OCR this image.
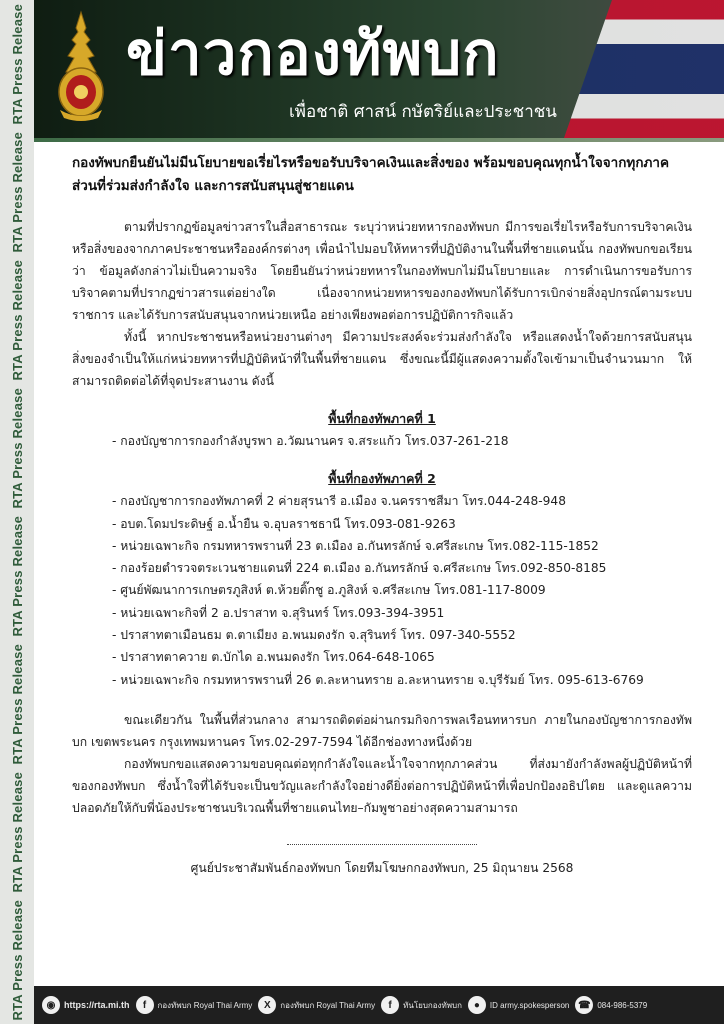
RTA Press Release
RTA Press Release
RTA Press Release
RTA Press Release
RTA Press Release
RTA Press Release
RTA Press Release
RTA Press Release
ข่าวกองทัพบก
เพื่อชาติ ศาสน์ กษัตริย์และประชาชน
กองทัพบกยืนยันไม่มีนโยบายขอเรี่ยไรหรือขอรับบริจาคเงินและสิ่งของ พร้อมขอบคุณทุกน้ำใจจากทุกภาคส่วนที่ร่วมส่งกำลังใจ และการสนับสนุนสู่ชายแดน

ตามที่ปรากฏข้อมูลข่าวสารในสื่อสาธารณะ ระบุว่าหน่วยทหารกองทัพบก มีการขอเรี่ยไรหรือรับการบริจาคเงิน หรือสิ่งของจากภาคประชาชนหรือองค์กรต่างๆ เพื่อนำไปมอบให้ทหารที่ปฏิบัติงานในพื้นที่ชายแดนนั้น กองทัพบกขอเรียนว่า ข้อมูลดังกล่าวไม่เป็นความจริง โดยยืนยันว่าหน่วยทหารในกองทัพบกไม่มีนโยบายและ การดำเนินการขอรับการบริจาคตามที่ปรากฏข่าวสารแต่อย่างใด เนื่องจากหน่วยทหารของกองทัพบกได้รับการเบิกจ่ายสิ่งอุปกรณ์ตามระบบราชการ และได้รับการสนับสนุนจากหน่วยเหนือ อย่างเพียงพอต่อการปฏิบัติการกิจแล้ว

ทั้งนี้ หากประชาชนหรือหน่วยงานต่างๆ มีความประสงค์จะร่วมส่งกำลังใจ หรือแสดงน้ำใจด้วยการสนับสนุนสิ่งของจำเป็นให้แก่หน่วยทหารที่ปฏิบัติหน้าที่ในพื้นที่ชายแดน ซึ่งขณะนี้มีผู้แสดงความตั้งใจเข้ามาเป็นจำนวนมาก ให้สามารถติดต่อได้ที่จุดประสานงาน ดังนี้

พื้นที่กองทัพภาคที่ 1
- กองบัญชาการกองกำลังบูรพา อ.วัฒนานคร จ.สระแก้ว โทร.037-261-218
พื้นที่กองทัพภาคที่ 2
- กองบัญชาการกองทัพภาคที่ 2 ค่ายสุรนารี อ.เมือง จ.นครราชสีมา โทร.044-248-948
- อบต.โดมประดิษฐ์ อ.น้ำยืน จ.อุบลราชธานี โทร.093-081-9263
- หน่วยเฉพาะกิจ กรมทหารพรานที่ 23 ต.เมือง อ.กันทรลักษ์ จ.ศรีสะเกษ โทร.082-115-1852
- กองร้อยตำรวจตระเวนชายแดนที่ 224 ต.เมือง อ.กันทรลักษ์ จ.ศรีสะเกษ โทร.092-850-8185
- ศูนย์พัฒนาการเกษตรภูสิงห์ ต.ห้วยติ๊กชู อ.ภูสิงห์ จ.ศรีสะเกษ โทร.081-117-8009
- หน่วยเฉพาะกิจที่ 2 อ.ปราสาท จ.สุรินทร์ โทร.093-394-3951
- ปราสาทตาเมือนธม ต.ตาเมียง อ.พนมดงรัก จ.สุรินทร์ โทร. 097-340-5552
- ปราสาทตาควาย ต.บักได อ.พนมดงรัก โทร.064-648-1065
- หน่วยเฉพาะกิจ กรมทหารพรานที่ 26 ต.ละหานทราย อ.ละหานทราย จ.บุรีรัมย์ โทร. 095-613-6769

ขณะเดียวกัน ในพื้นที่ส่วนกลาง สามารถติดต่อผ่านกรมกิจการพลเรือนทหารบก ภายในกองบัญชาการกองทัพบก เขตพระนคร กรุงเทพมหานคร โทร.02-297-7594 ได้อีกช่องทางหนึ่งด้วย

กองทัพบกขอแสดงความขอบคุณต่อทุกกำลังใจและน้ำใจจากทุกภาคส่วน ที่ส่งมายังกำลังพลผู้ปฏิบัติหน้าที่ของกองทัพบก ซึ่งน้ำใจที่ได้รับจะเป็นขวัญและกำลังใจอย่างดียิ่งต่อการปฏิบัติหน้าที่เพื่อปกป้องอธิปไตย และดูแลความปลอดภัยให้กับพี่น้องประชาชนบริเวณพื้นที่ชายแดนไทย–กัมพูชาอย่างสุดความสามารถ

ศูนย์ประชาสัมพันธ์กองทัพบก โดยทีมโฆษกกองทัพบก, 25 มิถุนายน 2568
◉ https://rta.mi.th	f	กองทัพบก Royal Thai Army	X	กองทัพบก Royal Thai Army	f	ทันโยบกองทัพบก	●	ID army.spokesperson ☎ 084-986-5379
